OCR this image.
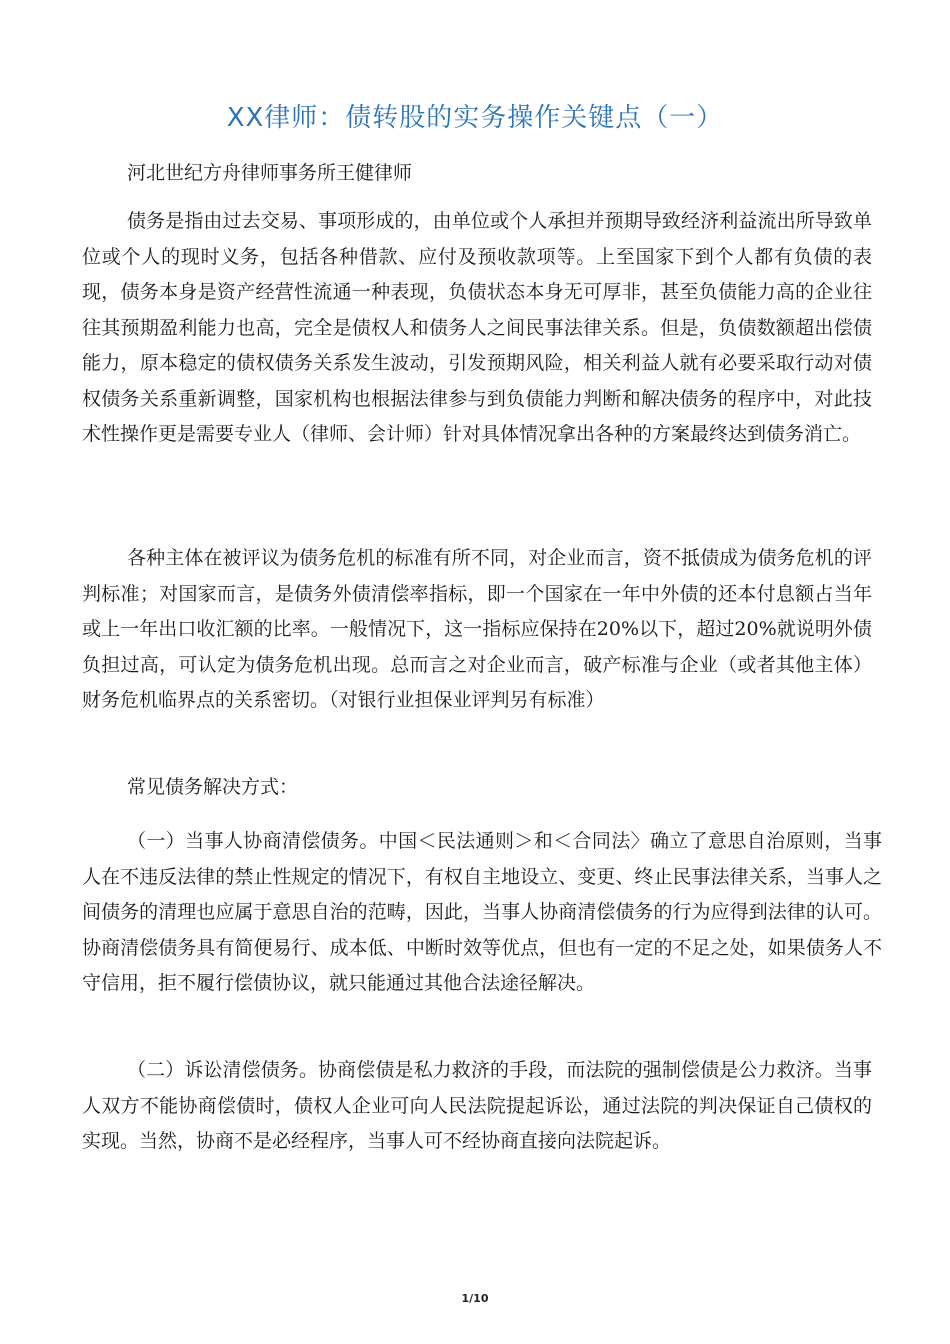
XX律师：债转股的实务操作关键点（一）

河北世纪方舟律师事务所王健律师

债务是指由过去交易、事项形成的，由单位或个人承担并预期导致经济利益流出所导致单位或个人的现时义务，包括各种借款、应付及预收款项等。上至国家下到个人都有负债的表现，债务本身是资产经营性流通一种表现，负债状态本身无可厚非，甚至负债能力高的企业往往其预期盈利能力也高，完全是债权人和债务人之间民事法律关系。但是，负债数额超出偿债能力，原本稳定的债权债务关系发生波动，引发预期风险，相关利益人就有必要采取行动对债权债务关系重新调整，国家机构也根据法律参与到负债能力判断和解决债务的程序中，对此技术性操作更是需要专业人（律师、会计师）针对具体情况拿出各种的方案最终达到债务消亡。

各种主体在被评议为债务危机的标准有所不同，对企业而言，资不抵债成为债务危机的评判标准；对国家而言，是债务外债清偿率指标，即一个国家在一年中外债的还本付息额占当年或上一年出口收汇额的比率。一般情况下，这一指标应保持在20%以下，超过20%就说明外债负担过高，可认定为债务危机出现。总而言之对企业而言，破产标准与企业（或者其他主体）财务危机临界点的关系密切。（对银行业担保业评判另有标准）

常见债务解决方式：

（一）当事人协商清偿债务。中国＜民法通则＞和＜合同法〉确立了意思自治原则，当事人在不违反法律的禁止性规定的情况下，有权自主地设立、变更、终止民事法律关系，当事人之间债务的清理也应属于意思自治的范畴，因此，当事人协商清偿债务的行为应得到法律的认可。协商清偿债务具有简便易行、成本低、中断时效等优点，但也有一定的不足之处，如果债务人不守信用，拒不履行偿债协议，就只能通过其他合法途径解决。

（二）诉讼清偿债务。协商偿债是私力救济的手段，而法院的强制偿债是公力救济。当事人双方不能协商偿债时，债权人企业可向人民法院提起诉讼，通过法院的判决保证自己债权的实现。当然，协商不是必经程序，当事人可不经协商直接向法院起诉。

1/10
